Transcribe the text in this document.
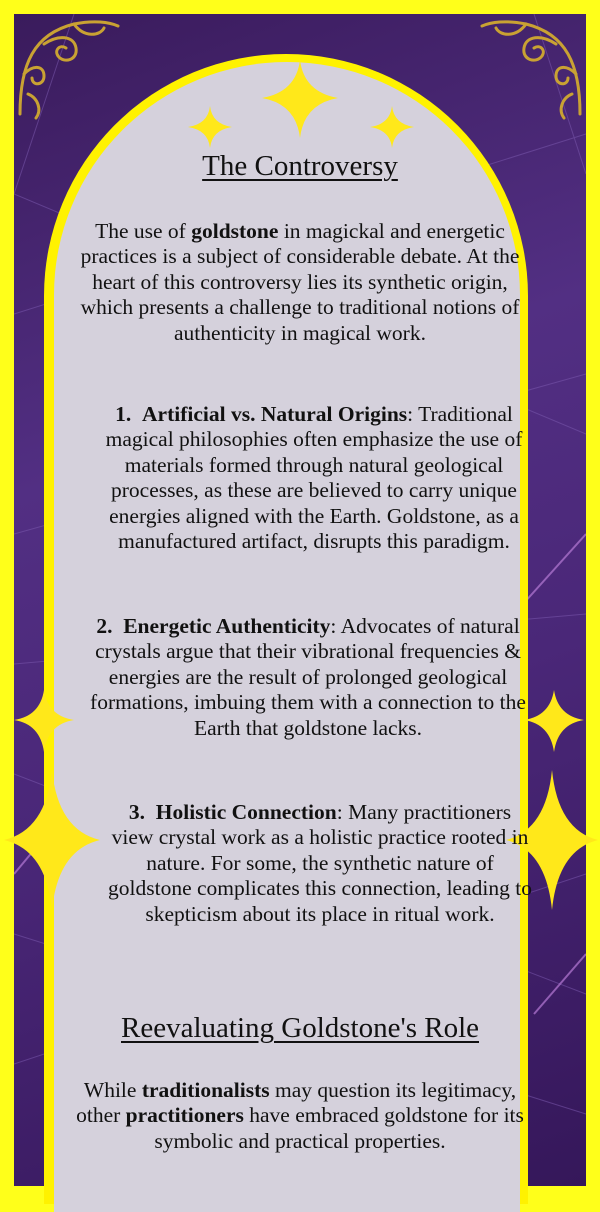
The Controversy
The use of goldstone in magickal and energetic practices is a subject of considerable debate. At the heart of this controversy lies its synthetic origin, which presents a challenge to traditional notions of authenticity in magical work.
1. Artificial vs. Natural Origins: Traditional magical philosophies often emphasize the use of materials formed through natural geological processes, as these are believed to carry unique energies aligned with the Earth. Goldstone, as a manufactured artifact, disrupts this paradigm.
2. Energetic Authenticity: Advocates of natural crystals argue that their vibrational frequencies & energies are the result of prolonged geological formations, imbuing them with a connection to the Earth that goldstone lacks.
3. Holistic Connection: Many practitioners view crystal work as a holistic practice rooted in nature. For some, the synthetic nature of goldstone complicates this connection, leading to skepticism about its place in ritual work.
Reevaluating Goldstone's Role
While traditionalists may question its legitimacy, other practitioners have embraced goldstone for its symbolic and practical properties.
